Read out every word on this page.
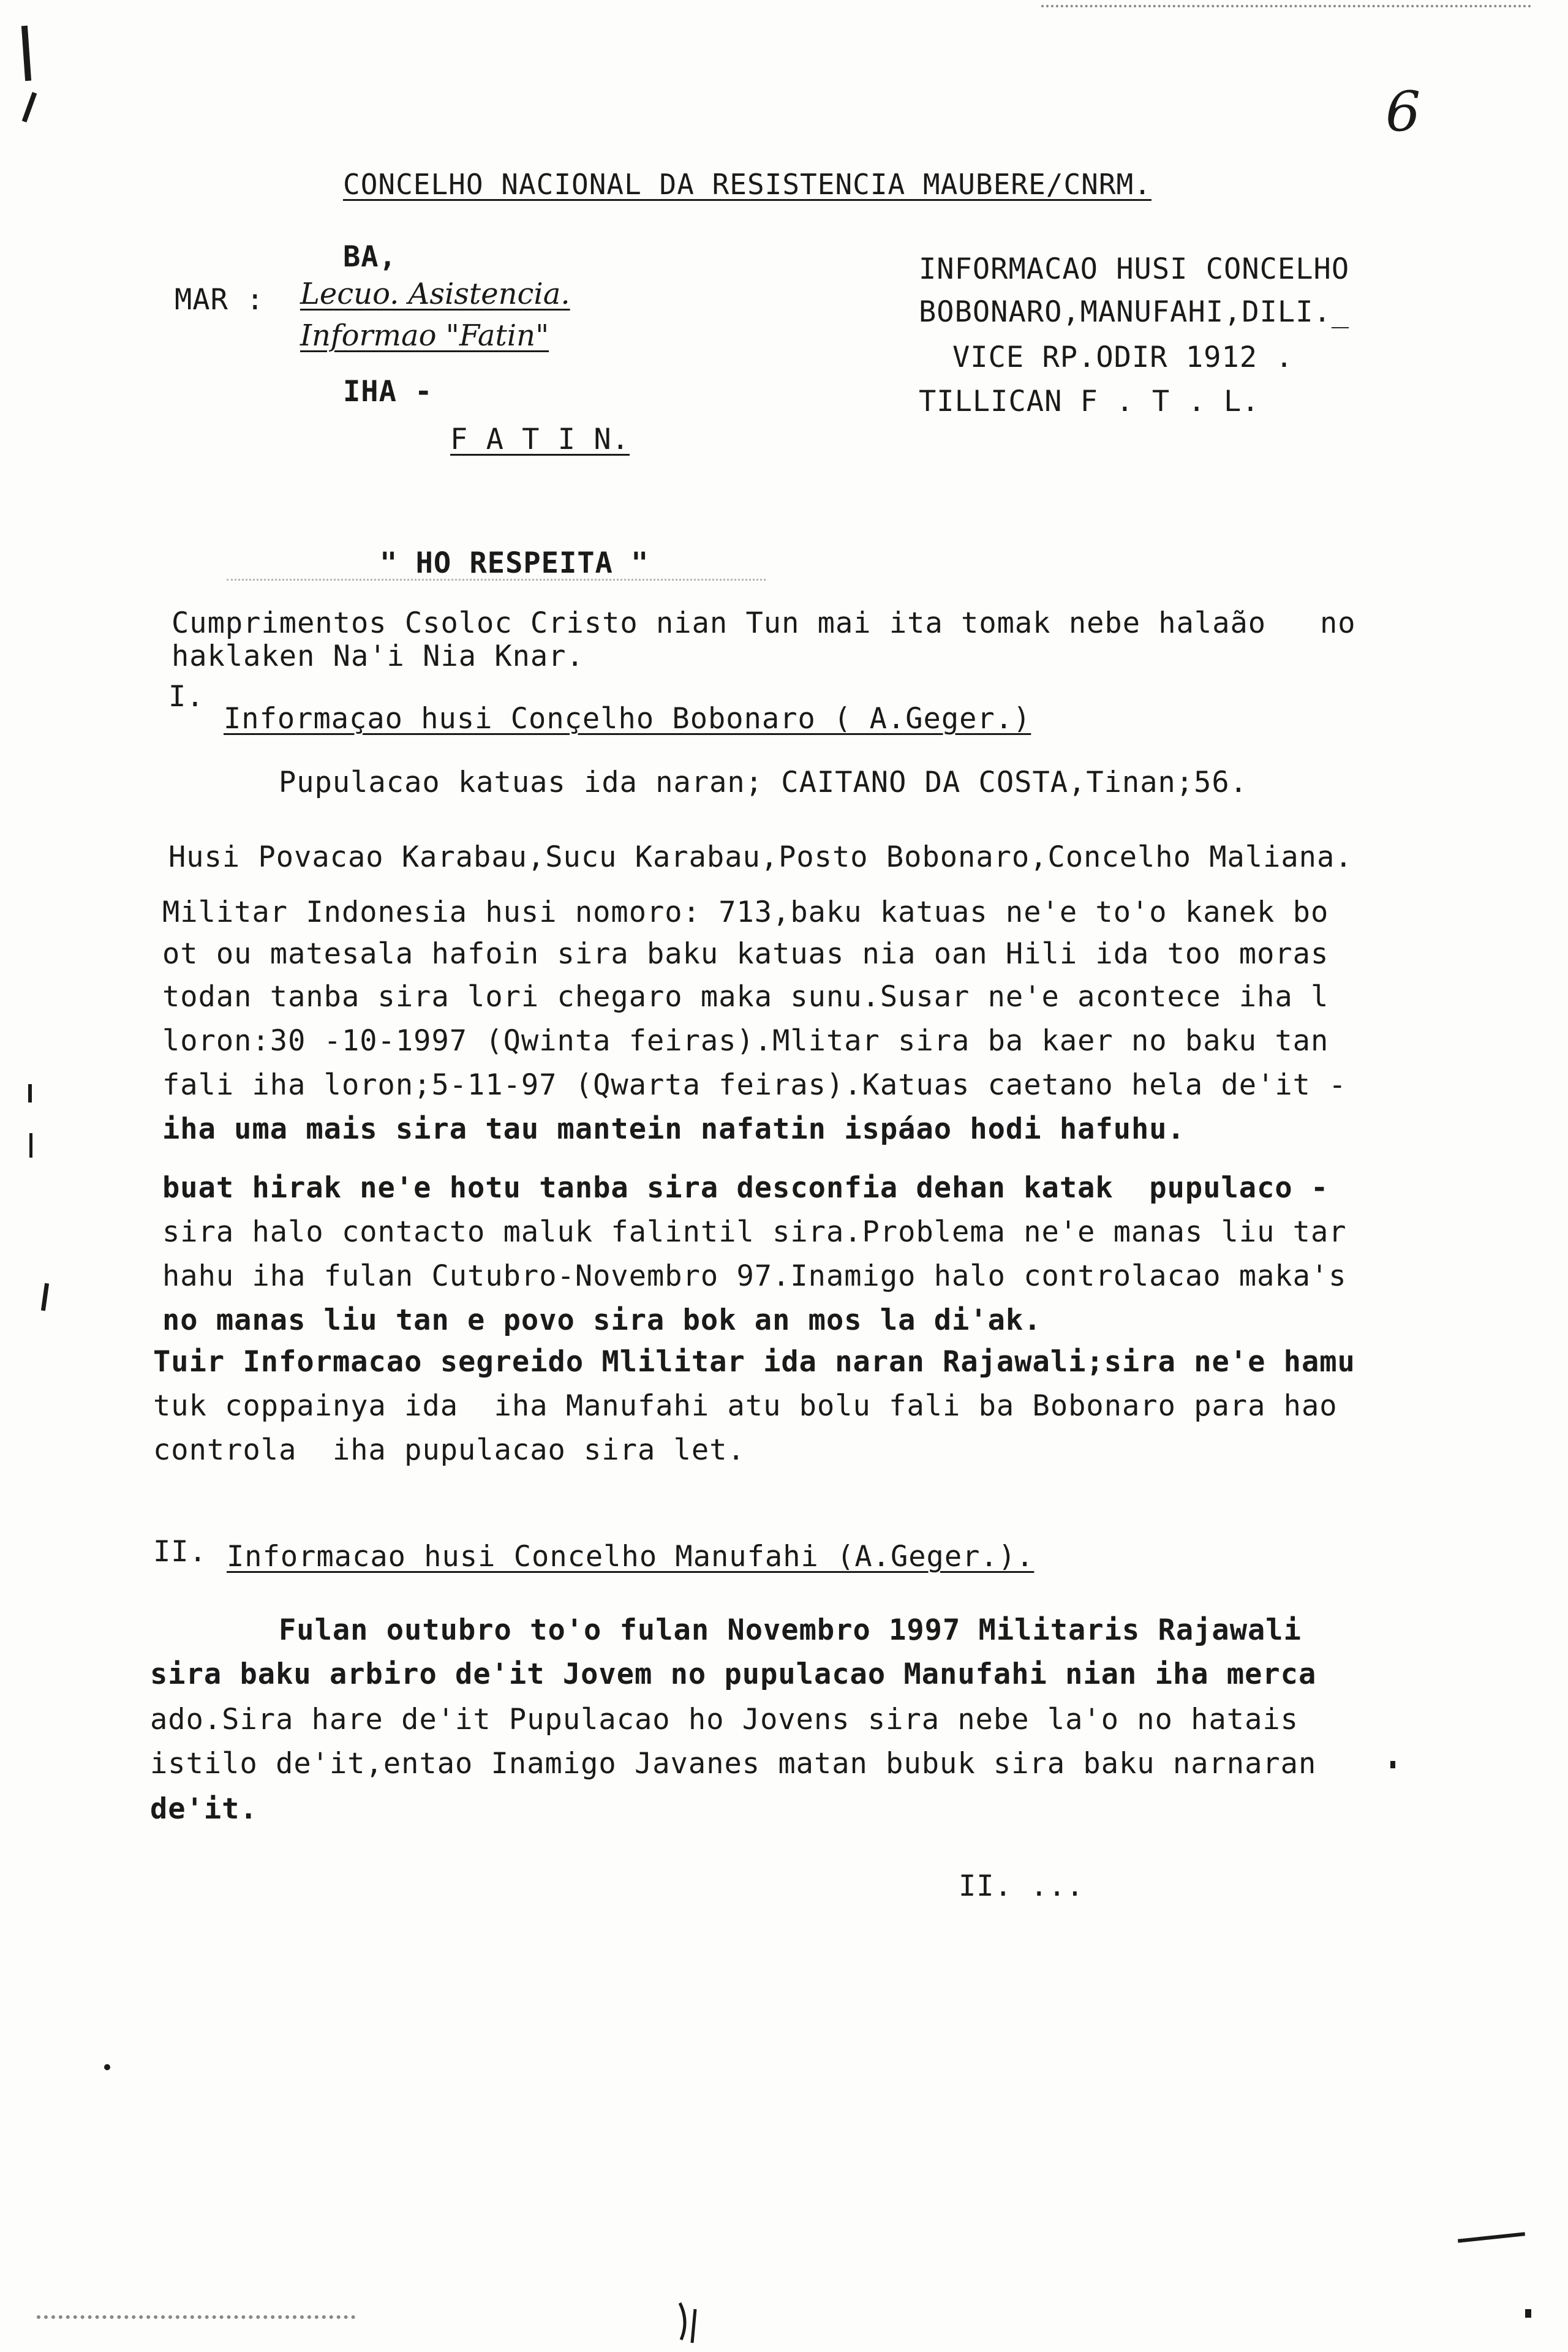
6
CONCELHO NACIONAL DA RESISTENCIA MAUBERE/CNRM.
BA,
MAR : Lecuo. Asistencia.
Informao "Fatin"
IHA -
F A T I N.
INFORMACAO HUSI CONCELHO
BOBONARO,MANUFAHI,DILI._
VICE RP.ODIR 1912 .
TILLICAN F . T . L.
" HO RESPEITA "
Cumprimentos Csoloc Cristo nian Tun mai ita tomak nebe halaão   no
haklaken Na'i Nia Knar.
I.
Informaçao husi Conçelho Bobonaro ( A.Geger.)
Pupulacao katuas ida naran; CAITANO DA COSTA,Tinan;56.
Husi Povacao Karabau,Sucu Karabau,Posto Bobonaro,Concelho Maliana.
Militar Indonesia husi nomoro: 713,baku katuas ne'e to'o kanek bo
ot ou matesala hafoin sira baku katuas nia oan Hili ida too moras
todan tanba sira lori chegaro maka sunu.Susar ne'e acontece iha l
loron:30 -10-1997 (Qwinta feiras).Mlitar sira ba kaer no baku tan
fali iha loron;5-11-97 (Qwarta feiras).Katuas caetano hela de'it -
iha uma mais sira tau mantein nafatin ispáao hodi hafuhu.
buat hirak ne'e hotu tanba sira desconfia dehan katak  pupulaco -
sira halo contacto maluk falintil sira.Problema ne'e manas liu tar
hahu iha fulan Cutubro-Novembro 97.Inamigo halo controlacao maka's
no manas liu tan e povo sira bok an mos la di'ak.
Tuir Informacao segreido Mlilitar ida naran Rajawali;sira ne'e hamu
tuk coppainya ida  iha Manufahi atu bolu fali ba Bobonaro para hao
controla  iha pupulacao sira let.
II. Informacao husi Concelho Manufahi (A.Geger.).
Fulan outubro to'o fulan Novembro 1997 Militaris Rajawali
sira baku arbiro de'it Jovem no pupulacao Manufahi nian iha merca
ado.Sira hare de'it Pupulacao ho Jovens sira nebe la'o no hatais
istilo de'it,entao Inamigo Javanes matan bubuk sira baku narnaran
de'it.
II. ...
